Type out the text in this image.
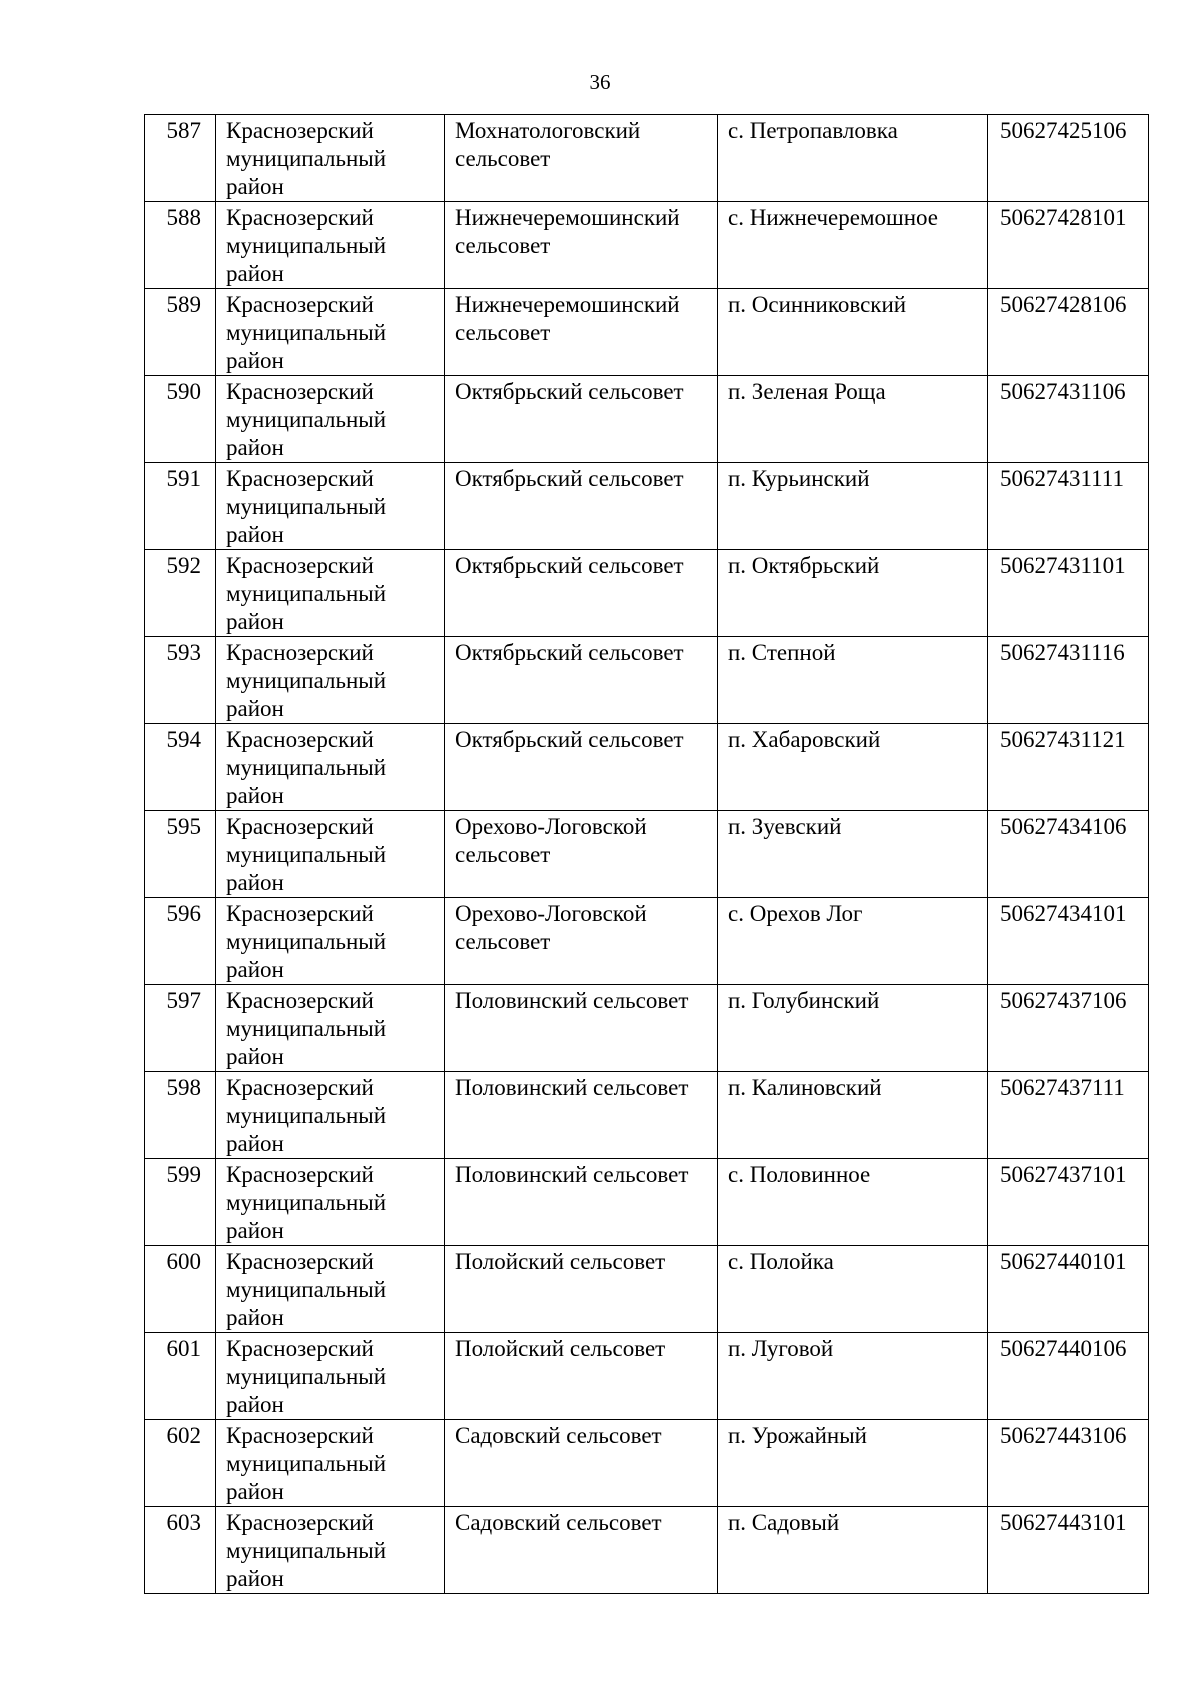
36
587	Краснозерский муниципальный район	Мохнатологовский сельсовет	с. Петропавловка	50627425106
588	Краснозерский муниципальный район	Нижнечеремошинский сельсовет	с. Нижнечеремошное	50627428101
589	Краснозерский муниципальный район	Нижнечеремошинский сельсовет	п. Осинниковский	50627428106
590	Краснозерский муниципальный район	Октябрьский сельсовет	п. Зеленая Роща	50627431106
591	Краснозерский муниципальный район	Октябрьский сельсовет	п. Курьинский	50627431111
592	Краснозерский муниципальный район	Октябрьский сельсовет	п. Октябрьский	50627431101
593	Краснозерский муниципальный район	Октябрьский сельсовет	п. Степной	50627431116
594	Краснозерский муниципальный район	Октябрьский сельсовет	п. Хабаровский	50627431121
595	Краснозерский муниципальный район	Орехово-Логовской сельсовет	п. Зуевский	50627434106
596	Краснозерский муниципальный район	Орехово-Логовской сельсовет	с. Орехов Лог	50627434101
597	Краснозерский муниципальный район	Половинский сельсовет	п. Голубинский	50627437106
598	Краснозерский муниципальный район	Половинский сельсовет	п. Калиновский	50627437111
599	Краснозерский муниципальный район	Половинский сельсовет	с. Половинное	50627437101
600	Краснозерский муниципальный район	Полойский сельсовет	с. Полойка	50627440101
601	Краснозерский муниципальный район	Полойский сельсовет	п. Луговой	50627440106
602	Краснозерский муниципальный район	Садовский сельсовет	п. Урожайный	50627443106
603	Краснозерский муниципальный район	Садовский сельсовет	п. Садовый	50627443101
